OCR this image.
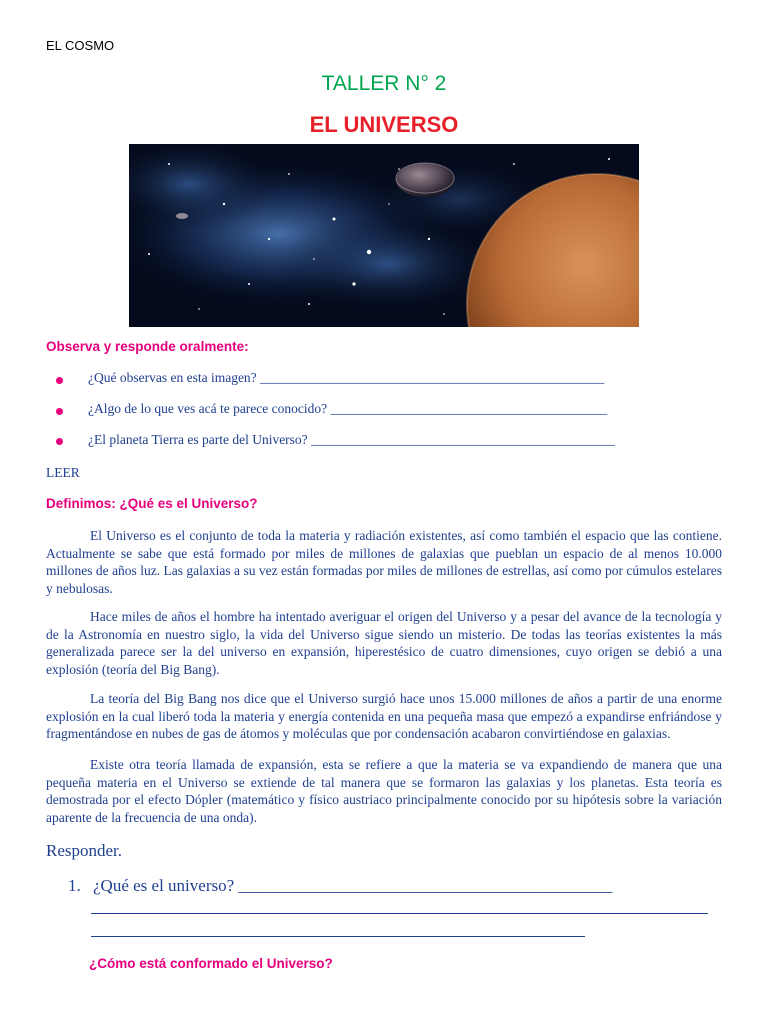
EL COSMO
TALLER N° 2
EL UNIVERSO
Observa y responde oralmente:
¿Qué observas en esta imagen? ___________________________________________________
¿Algo de lo que ves acá te parece conocido? _________________________________________
¿El planeta Tierra es parte del Universo? _____________________________________________
LEER
Definimos: ¿Qué es el Universo?

El Universo es el conjunto de toda la materia y radiación existentes, así como también el espacio que las contiene. Actualmente se sabe que está formado por miles de millones de galaxias que pueblan un espacio de al menos 10.000 millones de años luz. Las galaxias a su vez están formadas por miles de millones de estrellas, así como por cúmulos estelares y nebulosas.

Hace miles de años el hombre ha intentado averiguar el origen del Universo y a pesar del avance de la tecnología y de la Astronomía en nuestro siglo, la vida del Universo sigue siendo un misterio. De todas las teorías existentes la más generalizada parece ser la del universo en expansión, hiperestésico de cuatro dimensiones, cuyo origen se debió a una explosión (teoría del Big Bang).

La teoría del Big Bang nos dice que el Universo surgió hace unos 15.000 millones de años a partir de una enorme explosión en la cual liberó toda la materia y energía contenida en una pequeña masa que empezó a expandirse enfriándose y fragmentándose en nubes de gas de átomos y moléculas que por condensación acabaron convirtiéndose en galaxias.

Existe otra teoría llamada de expansión, esta se refiere a que la materia se va expandiendo de manera que una pequeña materia en el Universo se extiende de tal manera que se formaron las galaxias y los planetas. Esta teoría es demostrada por el efecto Dópler (matemático y físico austriaco principalmente conocido por su hipótesis sobre la variación aparente de la frecuencia de una onda).

Responder.
1. ¿Qué es el universo? ____________________________________________
¿Cómo está conformado el Universo?
